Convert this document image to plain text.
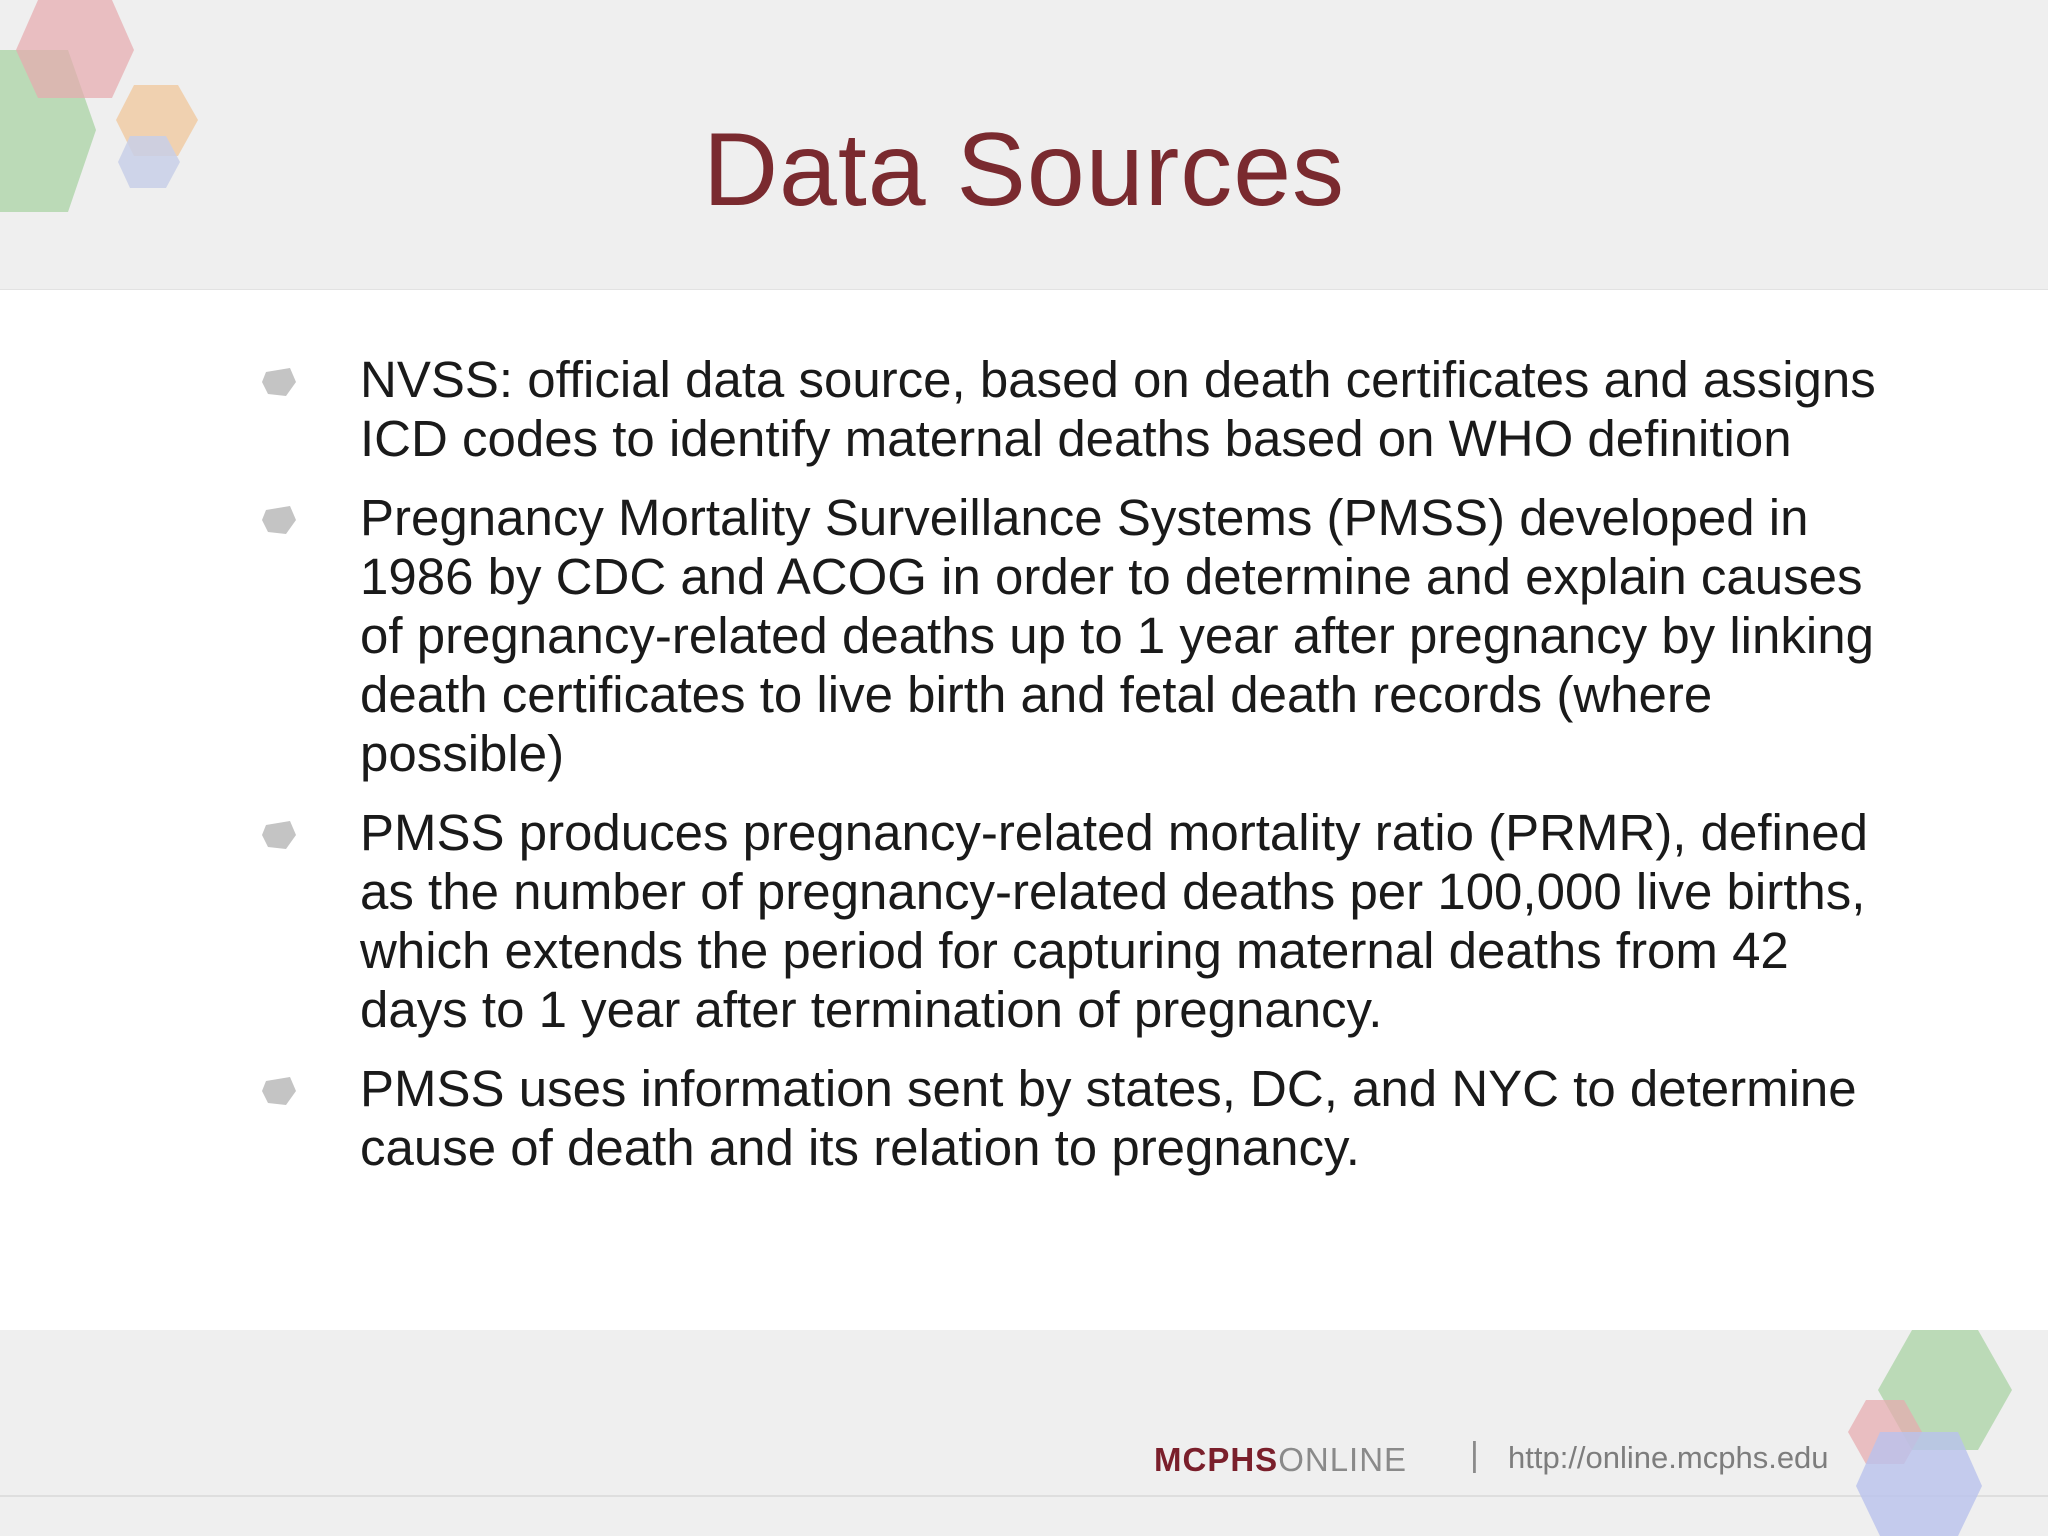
Data Sources
NVSS: official data source, based on death certificates and assigns ICD codes to identify maternal deaths based on WHO definition
Pregnancy Mortality Surveillance Systems (PMSS) developed in 1986 by CDC and ACOG in order to determine and explain causes of pregnancy-related deaths up to 1 year after pregnancy by linking death certificates to live birth and fetal death records (where possible)
PMSS produces pregnancy-related mortality ratio (PRMR), defined as the number of pregnancy-related deaths per 100,000 live births, which extends the period for capturing maternal deaths from 42 days to 1 year after termination of pregnancy.
PMSS uses information sent by states, DC, and NYC to determine cause of death and its relation to pregnancy.
MCPHSONLINE | http://online.mcphs.edu
